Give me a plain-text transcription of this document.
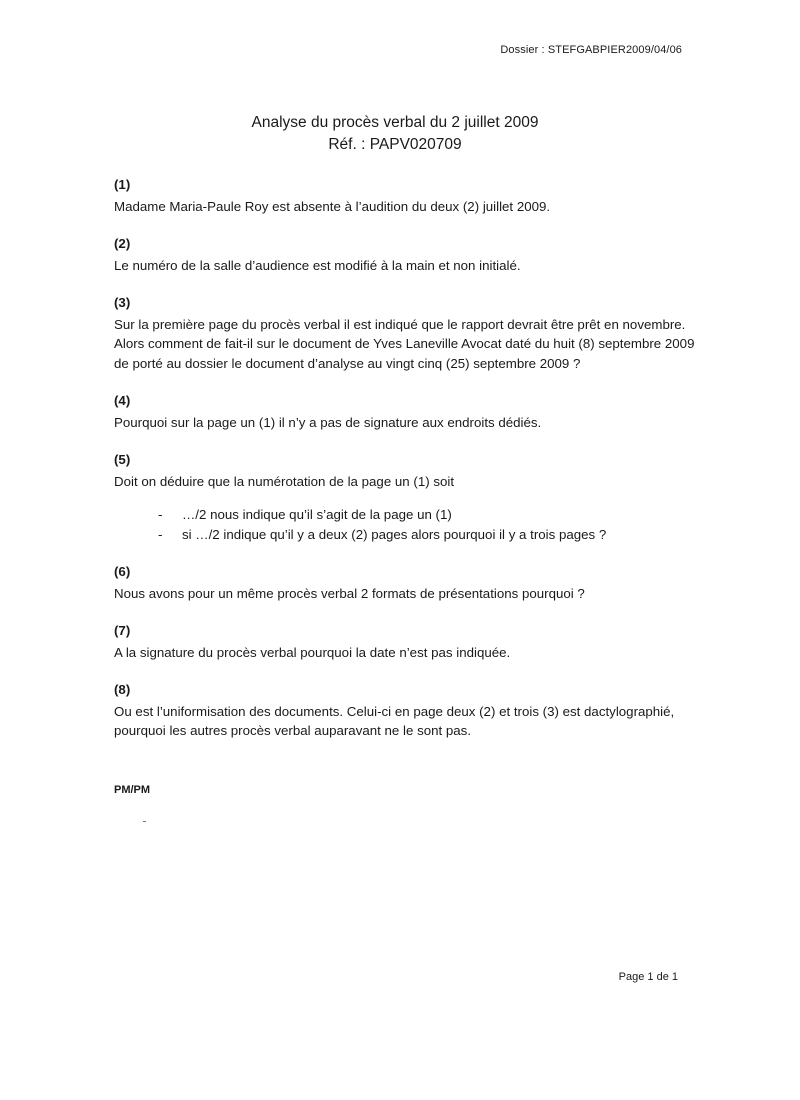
Dossier : STEFGABPIER2009/04/06
Analyse du procès verbal du 2 juillet 2009
Réf. : PAPV020709
(1)

Madame Maria-Paule Roy est absente à l’audition du deux (2) juillet 2009.

(2)

Le numéro de la salle d’audience est modifié à la main et non initialé.

(3)

Sur la première page du procès verbal il est indiqué que le rapport devrait être prêt en novembre. Alors comment de fait-il sur le document de Yves Laneville Avocat daté du huit (8) septembre 2009 de porté au dossier le document d’analyse au vingt cinq (25) septembre 2009 ?

(4)

Pourquoi sur la page un (1) il n’y a pas de signature aux endroits dédiés.

(5)

Doit on déduire que la numérotation de la page un (1) soit

- …/2 nous indique qu’il s’agit de la page un (1)
- si …/2 indique qu’il y a deux (2) pages alors pourquoi il y a trois pages ?
(6)

Nous avons pour un même procès verbal 2 formats de présentations pourquoi ?

(7)

A la signature du procès verbal pourquoi la date n’est pas indiquée.

(8)

Ou est l’uniformisation des documents. Celui-ci en page deux (2) et trois (3) est dactylographié, pourquoi les autres procès verbal auparavant ne le sont pas.

PM/PM
Page 1 de 1
